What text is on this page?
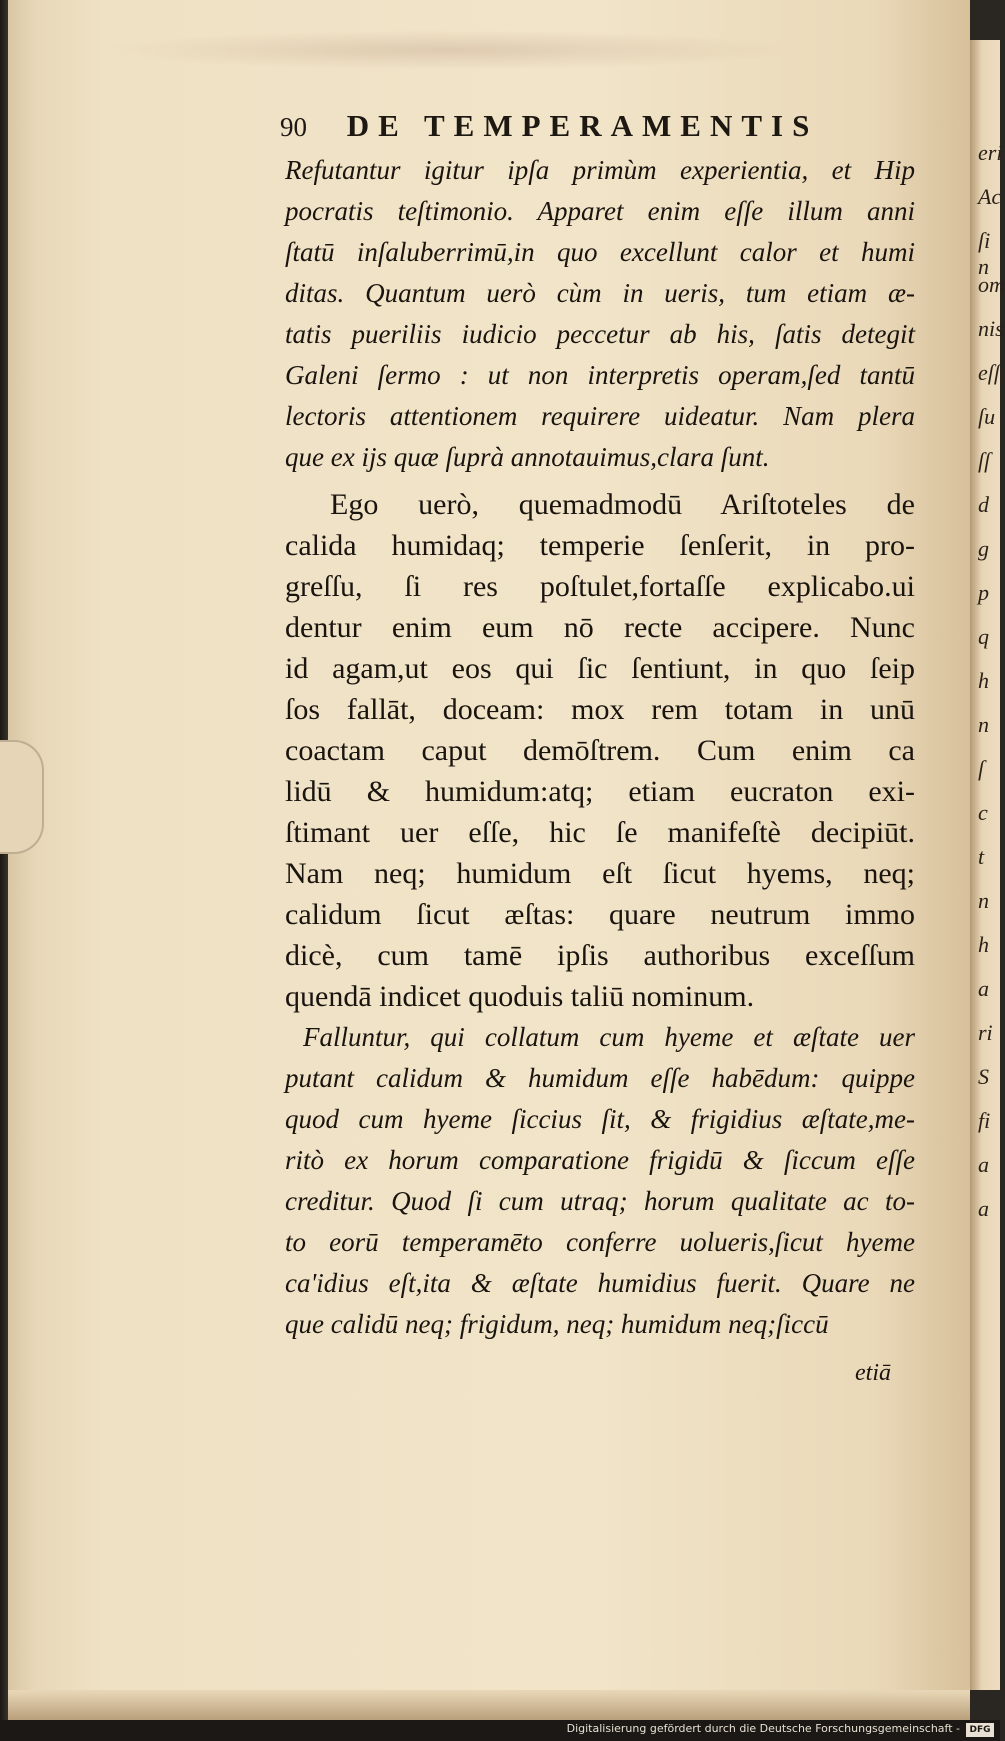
eri
Ac
ſi n
om
nis
eſſ
ſu
ſſ
d
g
p
q
h
n
ſ
c
t
n
h
a
ri
S
fi
a
a
90 DE TEMPERAMENTIS
Refutantur igitur ipſa primùm experientia, et Hip
pocratis teſtimonio. Apparet enim eſſe illum anni
ſtatū inſaluberrimū,in quo excellunt calor et humi
ditas. Quantum uerò cùm in ueris, tum etiam æ-
tatis pueriliis iudicio peccetur ab his, ſatis detegit
Galeni ſermo : ut non interpretis operam,ſed tantū
lectoris attentionem requirere uideatur. Nam plera
que ex ijs quæ ſuprà annotauimus,clara ſunt.
Ego uerò, quemadmodū Ariſtoteles de
calida humidaq; temperie ſenſerit, in pro-
greſſu, ſi res poſtulet,fortaſſe explicabo.ui
dentur enim eum nō recte accipere. Nunc
id agam,ut eos qui ſic ſentiunt, in quo ſeip
ſos fallāt, doceam: mox rem totam in unū
coactam caput demōſtrem. Cum enim ca
lidū & humidum:atq; etiam eucraton exi-
ſtimant uer eſſe, hic ſe manifeſtè decipiūt.
Nam neq; humidum eſt ſicut hyems, neq;
calidum ſicut æſtas: quare neutrum immo
dicè, cum tamē ipſis authoribus exceſſum
quendā indicet quoduis taliū nominum.
Falluntur, qui collatum cum hyeme et æſtate uer
putant calidum & humidum eſſe habēdum: quippe
quod cum hyeme ſiccius ſit, & frigidius æſtate,me-
ritò ex horum comparatione frigidū & ſiccum eſſe
creditur. Quod ſi cum utraq; horum qualitate ac to-
to eorū temperamēto conferre uolueris,ſicut hyeme
ca'idius eſt,ita & æſtate humidius fuerit. Quare ne
que calidū neq; frigidum, neq; humidum neq;ſiccū
etiā
Digitalisierung gefördert durch die Deutsche Forschungsgemeinschaft -	DFG
